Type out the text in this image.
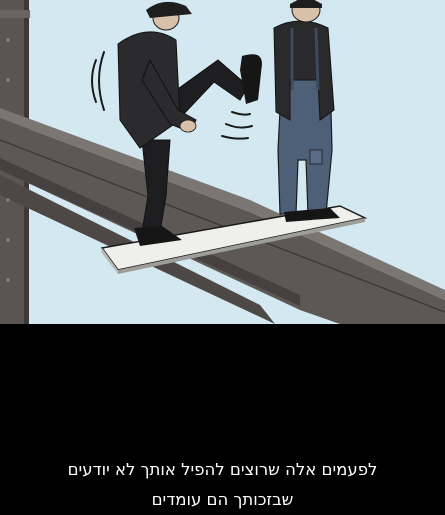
לפעמים אלה שרוצים להפיל אותך לא יודעים
שבזכותך הם עומדים
